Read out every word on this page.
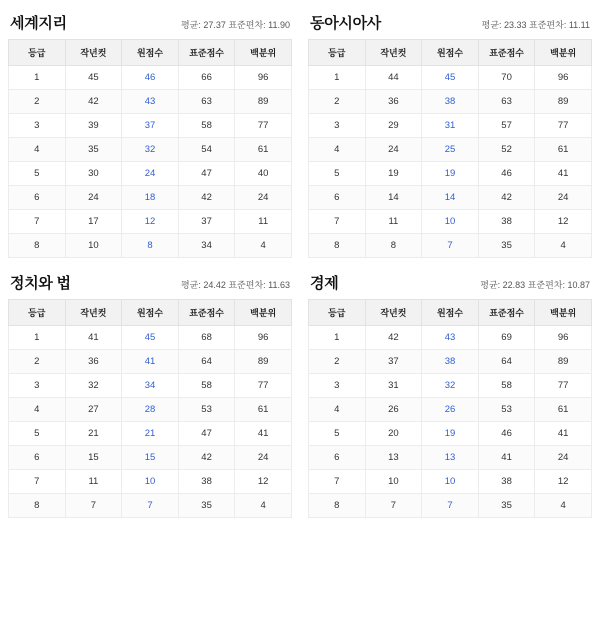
세계지리	평균: 27.37 표준편차: 11.90
등급	작년컷	원점수	표준점수	백분위
1	45	46	66	96
2	42	43	63	89
3	39	37	58	77
4	35	32	54	61
5	30	24	47	40
6	24	18	42	24
7	17	12	37	11
8	10	8	34	4
동아시아사	평균: 23.33 표준편차: 11.11
등급	작년컷	원점수	표준점수	백분위
1	44	45	70	96
2	36	38	63	89
3	29	31	57	77
4	24	25	52	61
5	19	19	46	41
6	14	14	42	24
7	11	10	38	12
8	8	7	35	4
정치와 법	평균: 24.42 표준편차: 11.63
등급	작년컷	원점수	표준점수	백분위
1	41	45	68	96
2	36	41	64	89
3	32	34	58	77
4	27	28	53	61
5	21	21	47	41
6	15	15	42	24
7	11	10	38	12
8	7	7	35	4
경제	평균: 22.83 표준편차: 10.87
등급	작년컷	원점수	표준점수	백분위
1	42	43	69	96
2	37	38	64	89
3	31	32	58	77
4	26	26	53	61
5	20	19	46	41
6	13	13	41	24
7	10	10	38	12
8	7	7	35	4
